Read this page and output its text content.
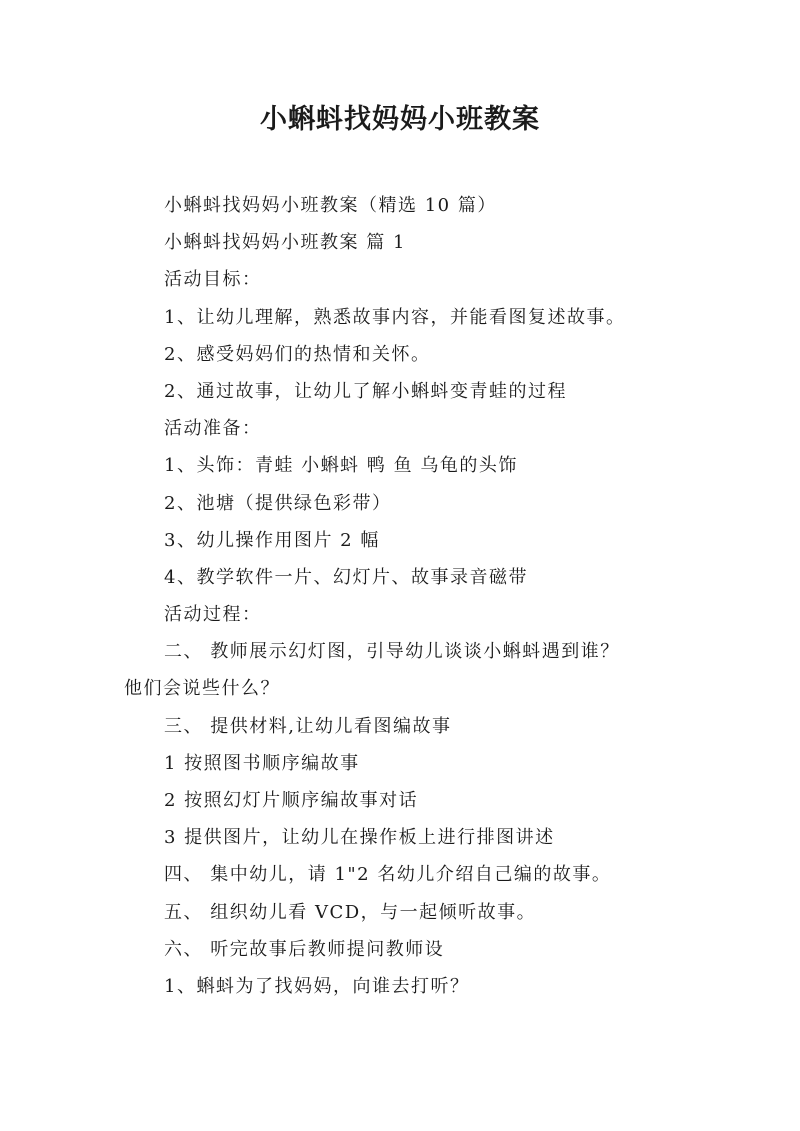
小蝌蚪找妈妈小班教案

小蝌蚪找妈妈小班教案（精选 10 篇）

小蝌蚪找妈妈小班教案 篇 1

活动目标：

1、让幼儿理解，熟悉故事内容，并能看图复述故事。

2、感受妈妈们的热情和关怀。

2、通过故事，让幼儿了解小蝌蚪变青蛙的过程

活动准备：

1、头饰：青蛙 小蝌蚪 鸭 鱼 乌龟的头饰

2、池塘（提供绿色彩带）

3、幼儿操作用图片 2 幅

4、教学软件一片、幻灯片、故事录音磁带

活动过程：

二、 教师展示幻灯图，引导幼儿谈谈小蝌蚪遇到谁？

他们会说些什么？

三、 提供材料,让幼儿看图编故事

1 按照图书顺序编故事

2 按照幻灯片顺序编故事对话

3 提供图片，让幼儿在操作板上进行排图讲述

四、 集中幼儿，请 1"2 名幼儿介绍自己编的故事。

五、 组织幼儿看 VCD，与一起倾听故事。

六、 听完故事后教师提问教师设

1、蝌蚪为了找妈妈，向谁去打听？
